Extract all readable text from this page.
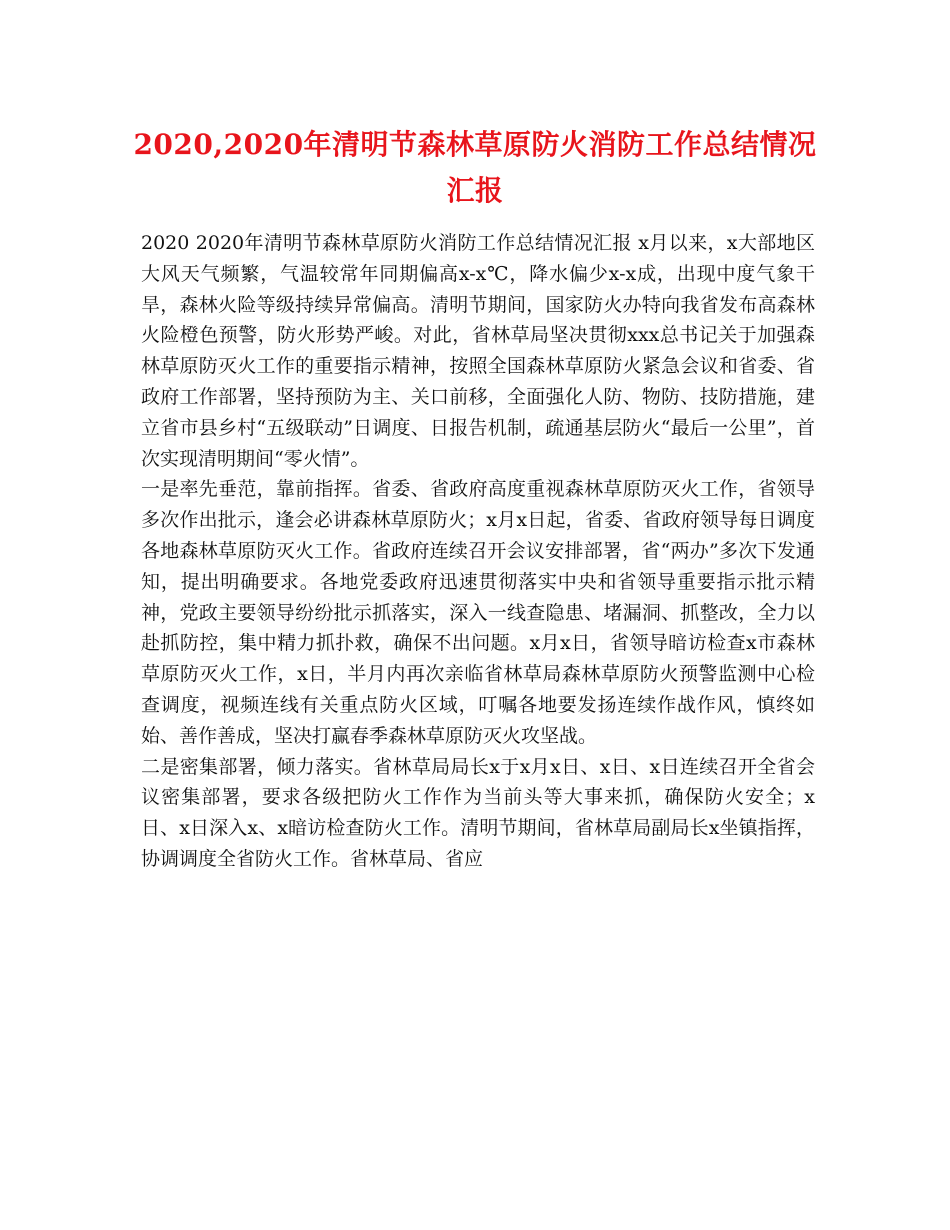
2020,2020年清明节森林草原防火消防工作总结情况汇报

2020 2020年清明节森林草原防火消防工作总结情况汇报 x月以来，x大部地区大风天气频繁，气温较常年同期偏高x-x℃，降水偏少x-x成，出现中度气象干旱，森林火险等级持续异常偏高。清明节期间，国家防火办特向我省发布高森林火险橙色预警，防火形势严峻。对此，省林草局坚决贯彻xxx总书记关于加强森林草原防灭火工作的重要指示精神，按照全国森林草原防火紧急会议和省委、省政府工作部署，坚持预防为主、关口前移，全面强化人防、物防、技防措施，建立省市县乡村“五级联动”日调度、日报告机制，疏通基层防火“最后一公里”，首次实现清明期间“零火情”。

一是率先垂范，靠前指挥。省委、省政府高度重视森林草原防灭火工作，省领导多次作出批示，逢会必讲森林草原防火；x月x日起，省委、省政府领导每日调度各地森林草原防灭火工作。省政府连续召开会议安排部署，省“两办”多次下发通知，提出明确要求。各地党委政府迅速贯彻落实中央和省领导重要指示批示精神，党政主要领导纷纷批示抓落实，深入一线查隐患、堵漏洞、抓整改，全力以赴抓防控，集中精力抓扑救，确保不出问题。x月x日，省领导暗访检查x市森林草原防灭火工作，x日，半月内再次亲临省林草局森林草原防火预警监测中心检查调度，视频连线有关重点防火区域，叮嘱各地要发扬连续作战作风，慎终如始、善作善成，坚决打赢春季森林草原防灭火攻坚战。

二是密集部署，倾力落实。省林草局局长x于x月x日、x日、x日连续召开全省会议密集部署，要求各级把防火工作作为当前头等大事来抓，确保防火安全；x日、x日深入x、x暗访检查防火工作。清明节期间，省林草局副局长x坐镇指挥，协调调度全省防火工作。省林草局、省应
